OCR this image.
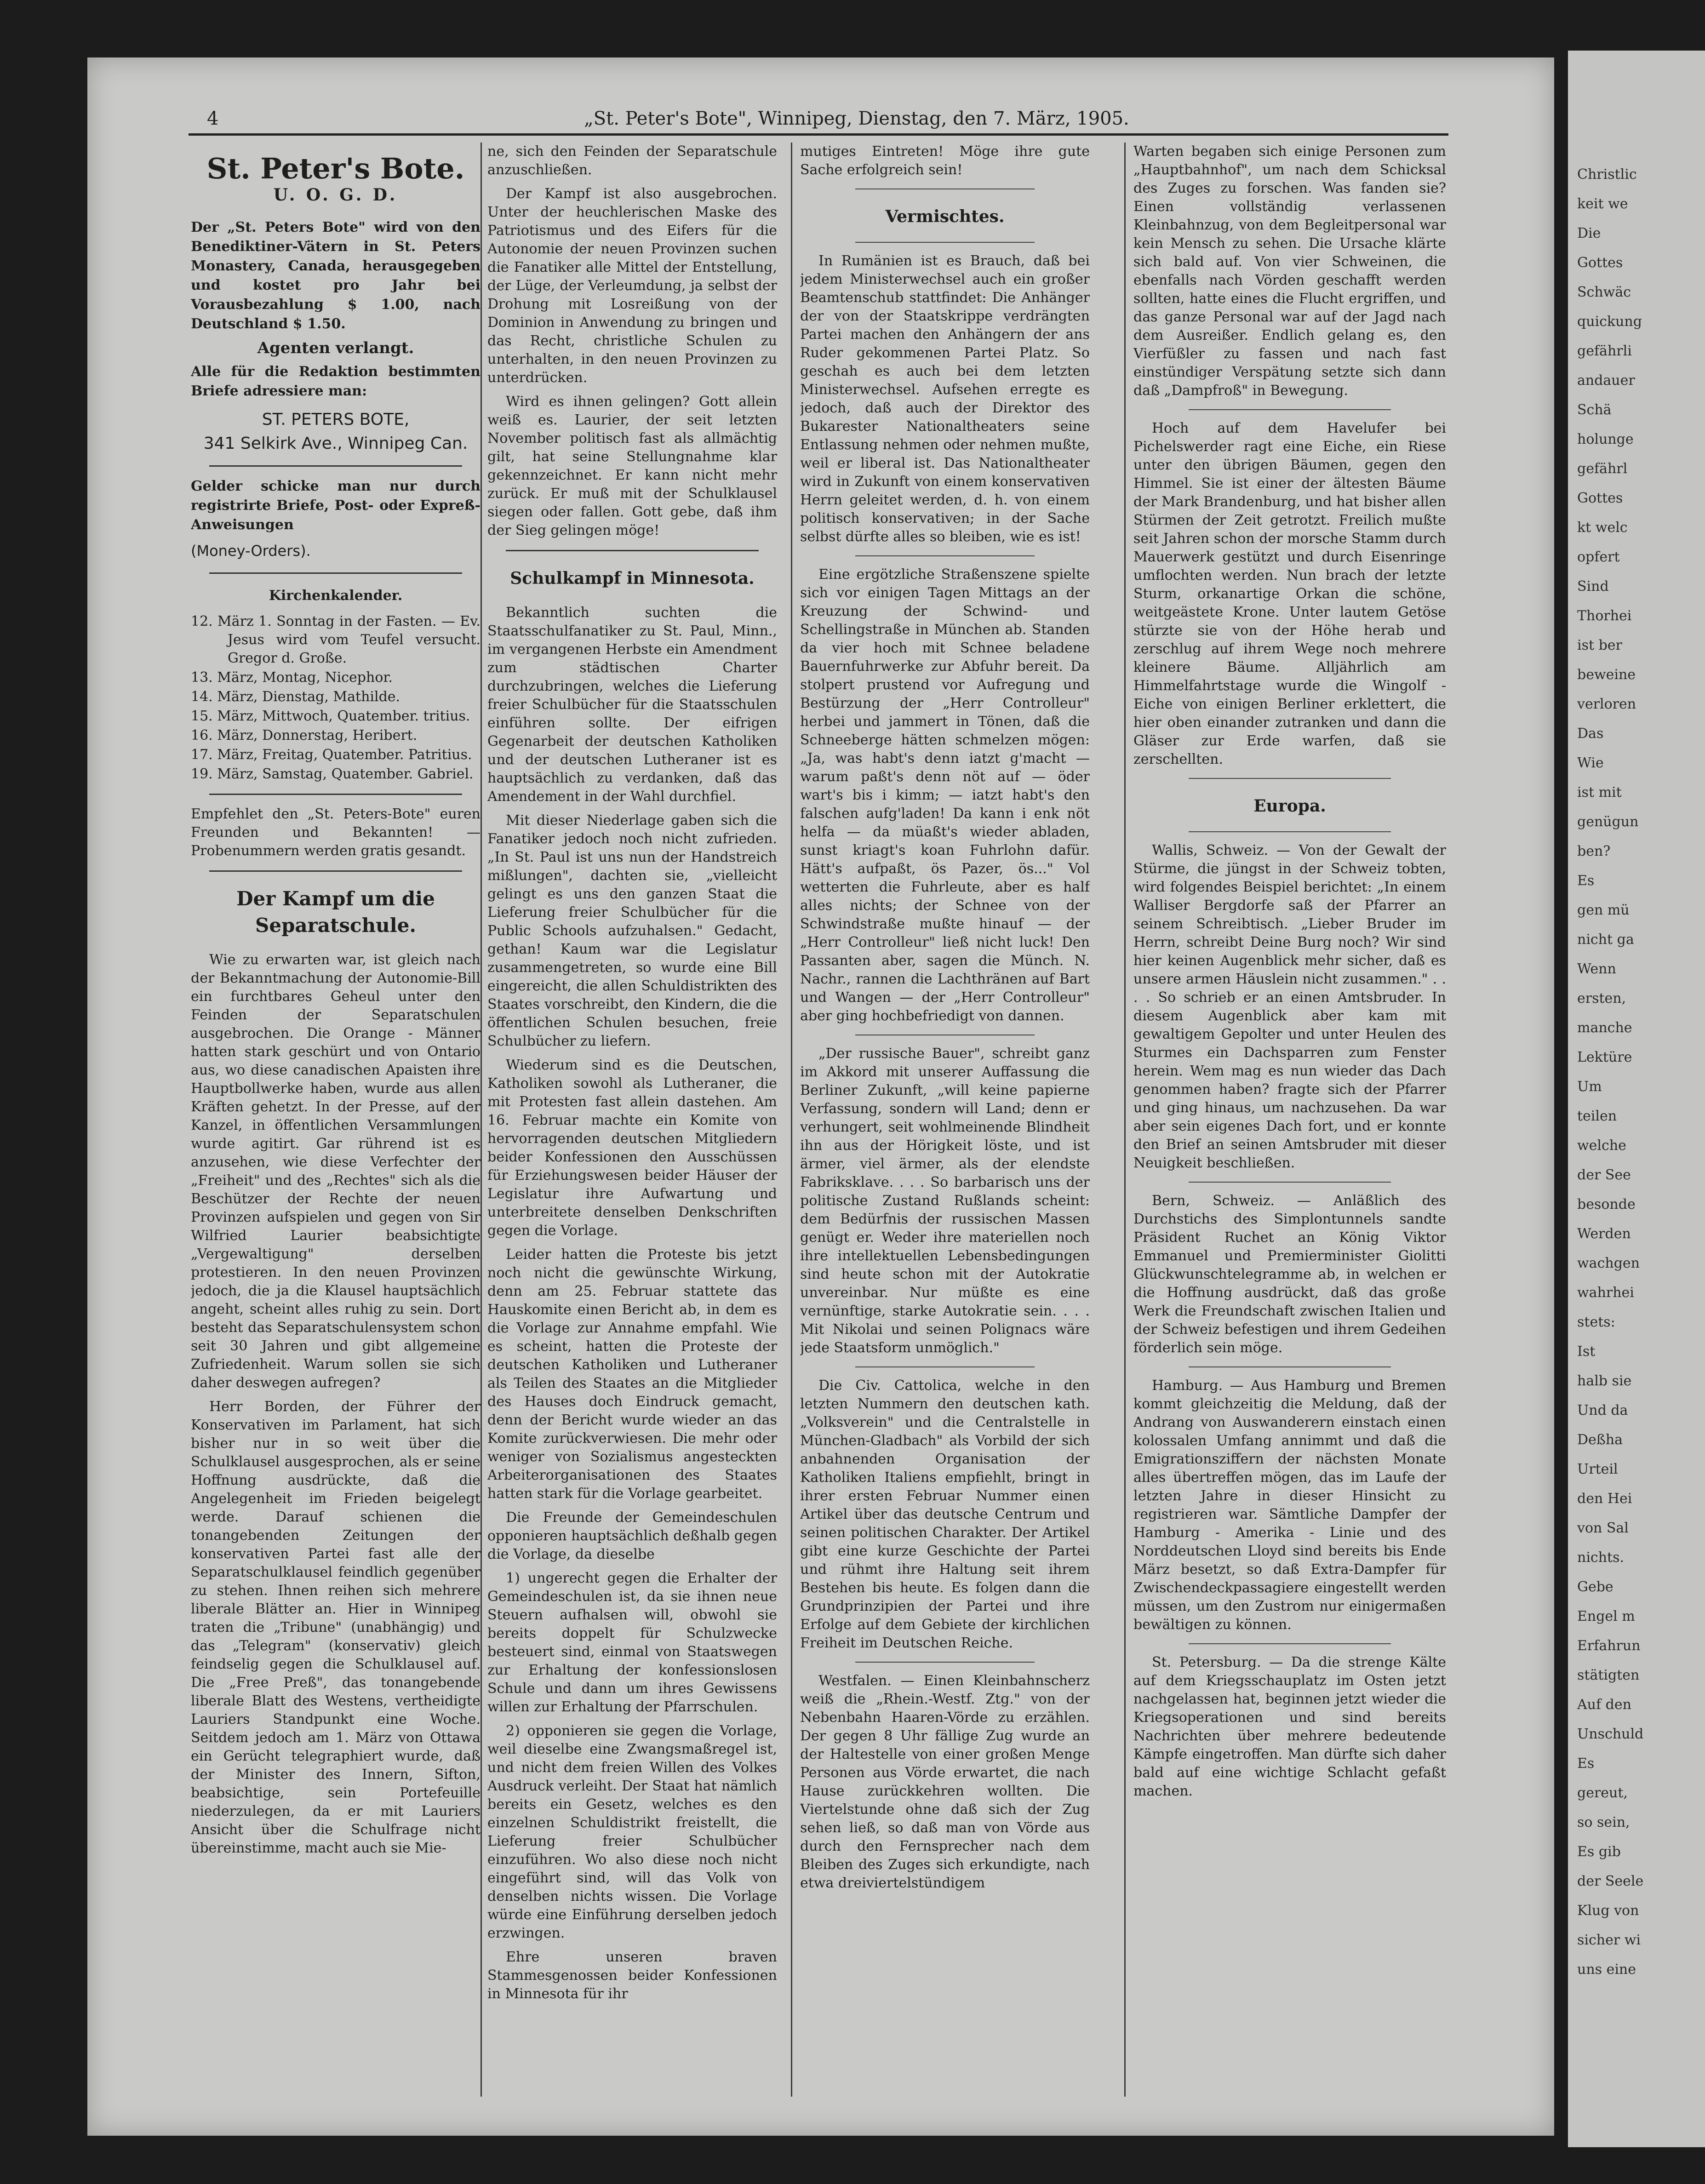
4	„St. Peter's Bote", Winnipeg, Dienstag, den 7. März, 1905.
St. Peter's Bote.
U. O. G. D.
Der „St. Peters Bote" wird von den Benediktiner-Vätern in St. Peters Monastery, Canada, herausgegeben und kostet pro Jahr bei Vorausbezahlung $ 1.00, nach Deutschland $ 1.50.
Agenten verlangt.
Alle für die Redaktion bestimmten Briefe adressiere man:
ST. PETERS BOTE,
341 Selkirk Ave., Winnipeg Can.
Gelder schicke man nur durch registrirte Briefe, Post- oder Expreß-Anweisungen
(Money-Orders).
Kirchenkalender.
12. März 1. Sonntag in der Fasten. — Ev. Jesus wird vom Teufel versucht. Gregor d. Große.
13. März, Montag, Nicephor.
14. März, Dienstag, Mathilde.
15. März, Mittwoch, Quatember. tritius.
16. März, Donnerstag, Heribert.
17. März, Freitag, Quatember. Patritius.
19. März, Samstag, Quatember. Gabriel.

Empfehlet den „St. Peters-Bote" euren Freunden und Bekannten! — Probenummern werden gratis gesandt.

Der Kampf um die Separatschule.

Wie zu erwarten war, ist gleich nach der Bekanntmachung der Autonomie-Bill ein furchtbares Geheul unter den Feinden der Separatschulen ausgebrochen. Die Orange - Männer hatten stark geschürt und von Ontario aus, wo diese canadischen Apaisten ihre Hauptbollwerke haben, wurde aus allen Kräften gehetzt. In der Presse, auf der Kanzel, in öffentlichen Versammlungen wurde agitirt. Gar rührend ist es anzusehen, wie diese Verfechter der „Freiheit" und des „Rechtes" sich als die Beschützer der Rechte der neuen Provinzen aufspielen und gegen von Sir Wilfried Laurier beabsichtigte „Vergewaltigung" derselben protestieren. In den neuen Provinzen jedoch, die ja die Klausel hauptsächlich angeht, scheint alles ruhig zu sein. Dort besteht das Separatschulensystem schon seit 30 Jahren und gibt allgemeine Zufriedenheit. Warum sollen sie sich daher deswegen aufregen?

Herr Borden, der Führer der Konservativen im Parlament, hat sich bisher nur in so weit über die Schulklausel ausgesprochen, als er seine Hoffnung ausdrückte, daß die Angelegenheit im Frieden beigelegt werde. Darauf schienen die tonangebenden Zeitungen der konservativen Partei fast alle der Separatschulklausel feindlich gegenüber zu stehen. Ihnen reihen sich mehrere liberale Blätter an. Hier in Winnipeg traten die „Tribune" (unabhängig) und das „Telegram" (konservativ) gleich feindselig gegen die Schulklausel auf. Die „Free Preß", das tonangebende liberale Blatt des Westens, vertheidigte Lauriers Standpunkt eine Woche. Seitdem jedoch am 1. März von Ottawa ein Gerücht telegraphiert wurde, daß der Minister des Innern, Sifton, beabsichtige, sein Portefeuille niederzulegen, da er mit Lauriers Ansicht über die Schulfrage nicht übereinstimme, macht auch sie Mie-

ne, sich den Feinden der Separatschule anzuschließen.

Der Kampf ist also ausgebrochen. Unter der heuchlerischen Maske des Patriotismus und des Eifers für die Autonomie der neuen Provinzen suchen die Fanatiker alle Mittel der Entstellung, der Lüge, der Verleumdung, ja selbst der Drohung mit Losreißung von der Dominion in Anwendung zu bringen und das Recht, christliche Schulen zu unterhalten, in den neuen Provinzen zu unterdrücken.

Wird es ihnen gelingen? Gott allein weiß es. Laurier, der seit letzten November politisch fast als allmächtig gilt, hat seine Stellungnahme klar gekennzeichnet. Er kann nicht mehr zurück. Er muß mit der Schulklausel siegen oder fallen. Gott gebe, daß ihm der Sieg gelingen möge!

Schulkampf in Minnesota.

Bekanntlich suchten die Staatsschulfanatiker zu St. Paul, Minn., im vergangenen Herbste ein Amendment zum städtischen Charter durchzubringen, welches die Lieferung freier Schulbücher für die Staatsschulen einführen sollte. Der eifrigen Gegenarbeit der deutschen Katholiken und der deutschen Lutheraner ist es hauptsächlich zu verdanken, daß das Amendement in der Wahl durchfiel.

Mit dieser Niederlage gaben sich die Fanatiker jedoch noch nicht zufrieden. „In St. Paul ist uns nun der Handstreich mißlungen", dachten sie, „vielleicht gelingt es uns den ganzen Staat die Lieferung freier Schulbücher für die Public Schools aufzuhalsen." Gedacht, gethan! Kaum war die Legislatur zusammengetreten, so wurde eine Bill eingereicht, die allen Schuldistrikten des Staates vorschreibt, den Kindern, die die öffentlichen Schulen besuchen, freie Schulbücher zu liefern.

Wiederum sind es die Deutschen, Katholiken sowohl als Lutheraner, die mit Protesten fast allein dastehen. Am 16. Februar machte ein Komite von hervorragenden deutschen Mitgliedern beider Konfessionen den Ausschüssen für Erziehungswesen beider Häuser der Legislatur ihre Aufwartung und unterbreitete denselben Denkschriften gegen die Vorlage.

Leider hatten die Proteste bis jetzt noch nicht die gewünschte Wirkung, denn am 25. Februar stattete das Hauskomite einen Bericht ab, in dem es die Vorlage zur Annahme empfahl. Wie es scheint, hatten die Proteste der deutschen Katholiken und Lutheraner als Teilen des Staates an die Mitglieder des Hauses doch Eindruck gemacht, denn der Bericht wurde wieder an das Komite zurückverwiesen. Die mehr oder weniger von Sozialismus angesteckten Arbeiterorganisationen des Staates hatten stark für die Vorlage gearbeitet.

Die Freunde der Gemeindeschulen opponieren hauptsächlich deßhalb gegen die Vorlage, da dieselbe

1) ungerecht gegen die Erhalter der Gemeindeschulen ist, da sie ihnen neue Steuern aufhalsen will, obwohl sie bereits doppelt für Schulzwecke besteuert sind, einmal von Staatswegen zur Erhaltung der konfessionslosen Schule und dann um ihres Gewissens willen zur Erhaltung der Pfarrschulen.

2) opponieren sie gegen die Vorlage, weil dieselbe eine Zwangsmaßregel ist, und nicht dem freien Willen des Volkes Ausdruck verleiht. Der Staat hat nämlich bereits ein Gesetz, welches es den einzelnen Schuldistrikt freistellt, die Lieferung freier Schulbücher einzuführen. Wo also diese noch nicht eingeführt sind, will das Volk von denselben nichts wissen. Die Vorlage würde eine Einführung derselben jedoch erzwingen.

Ehre unseren braven Stammesgenossen beider Konfessionen in Minnesota für ihr

mutiges Eintreten! Möge ihre gute Sache erfolgreich sein!

Vermischtes.

In Rumänien ist es Brauch, daß bei jedem Ministerwechsel auch ein großer Beamtenschub stattfindet: Die Anhänger der von der Staatskrippe verdrängten Partei machen den Anhängern der ans Ruder gekommenen Partei Platz. So geschah es auch bei dem letzten Ministerwechsel. Aufsehen erregte es jedoch, daß auch der Direktor des Bukarester Nationaltheaters seine Entlassung nehmen oder nehmen mußte, weil er liberal ist. Das Nationaltheater wird in Zukunft von einem konservativen Herrn geleitet werden, d. h. von einem politisch konservativen; in der Sache selbst dürfte alles so bleiben, wie es ist!

Eine ergötzliche Straßenszene spielte sich vor einigen Tagen Mittags an der Kreuzung der Schwind- und Schellingstraße in München ab. Standen da vier hoch mit Schnee beladene Bauernfuhrwerke zur Abfuhr bereit. Da stolpert prustend vor Aufregung und Bestürzung der „Herr Controlleur" herbei und jammert in Tönen, daß die Schneeberge hätten schmelzen mögen: „Ja, was habt's denn iatzt g'macht — warum paßt's denn nöt auf — öder wart's bis i kimm; — iatzt habt's den falschen aufg'laden! Da kann i enk nöt helfa — da müaßt's wieder abladen, sunst kriagt's koan Fuhrlohn dafür. Hätt's aufpaßt, ös Pazer, ös..." Vol wetterten die Fuhrleute, aber es half alles nichts; der Schnee von der Schwindstraße mußte hinauf — der „Herr Controlleur" ließ nicht luck! Den Passanten aber, sagen die Münch. N. Nachr., rannen die Lachthränen auf Bart und Wangen — der „Herr Controlleur" aber ging hochbefriedigt von dannen.

„Der russische Bauer", schreibt ganz im Akkord mit unserer Auffassung die Berliner Zukunft, „will keine papierne Verfassung, sondern will Land; denn er verhungert, seit wohlmeinende Blindheit ihn aus der Hörigkeit löste, und ist ärmer, viel ärmer, als der elendste Fabriksklave. . . . So barbarisch uns der politische Zustand Rußlands scheint: dem Bedürfnis der russischen Massen genügt er. Weder ihre materiellen noch ihre intellektuellen Lebensbedingungen sind heute schon mit der Autokratie unvereinbar. Nur müßte es eine vernünftige, starke Autokratie sein. . . . Mit Nikolai und seinen Polignacs wäre jede Staatsform unmöglich."

Die Civ. Cattolica, welche in den letzten Nummern den deutschen kath. „Volksverein" und die Centralstelle in München-Gladbach" als Vorbild der sich anbahnenden Organisation der Katholiken Italiens empfiehlt, bringt in ihrer ersten Februar Nummer einen Artikel über das deutsche Centrum und seinen politischen Charakter. Der Artikel gibt eine kurze Geschichte der Partei und rühmt ihre Haltung seit ihrem Bestehen bis heute. Es folgen dann die Grundprinzipien der Partei und ihre Erfolge auf dem Gebiete der kirchlichen Freiheit im Deutschen Reiche.

Westfalen. — Einen Kleinbahnscherz weiß die „Rhein.-Westf. Ztg." von der Nebenbahn Haaren-Vörde zu erzählen. Der gegen 8 Uhr fällige Zug wurde an der Haltestelle von einer großen Menge Personen aus Vörde erwartet, die nach Hause zurückkehren wollten. Die Viertelstunde ohne daß sich der Zug sehen ließ, so daß man von Vörde aus durch den Fernsprecher nach dem Bleiben des Zuges sich erkundigte, nach etwa dreiviertelstündigem

Warten begaben sich einige Personen zum „Hauptbahnhof", um nach dem Schicksal des Zuges zu forschen. Was fanden sie? Einen vollständig verlassenen Kleinbahnzug, von dem Begleitpersonal war kein Mensch zu sehen. Die Ursache klärte sich bald auf. Von vier Schweinen, die ebenfalls nach Vörden geschafft werden sollten, hatte eines die Flucht ergriffen, und das ganze Personal war auf der Jagd nach dem Ausreißer. Endlich gelang es, den Vierfüßler zu fassen und nach fast einstündiger Verspätung setzte sich dann daß „Dampfroß" in Bewegung.

Hoch auf dem Havelufer bei Pichelswerder ragt eine Eiche, ein Riese unter den übrigen Bäumen, gegen den Himmel. Sie ist einer der ältesten Bäume der Mark Brandenburg, und hat bisher allen Stürmen der Zeit getrotzt. Freilich mußte seit Jahren schon der morsche Stamm durch Mauerwerk gestützt und durch Eisenringe umflochten werden. Nun brach der letzte Sturm, orkanartige Orkan die schöne, weitgeästete Krone. Unter lautem Getöse stürzte sie von der Höhe herab und zerschlug auf ihrem Wege noch mehrere kleinere Bäume. Alljährlich am Himmelfahrtstage wurde die Wingolf - Eiche von einigen Berliner erklettert, die hier oben einander zutranken und dann die Gläser zur Erde warfen, daß sie zerschellten.

Europa.

Wallis, Schweiz. — Von der Gewalt der Stürme, die jüngst in der Schweiz tobten, wird folgendes Beispiel berichtet: „In einem Walliser Bergdorfe saß der Pfarrer an seinem Schreibtisch. „Lieber Bruder im Herrn, schreibt Deine Burg noch? Wir sind hier keinen Augenblick mehr sicher, daß es unsere armen Häuslein nicht zusammen." . . . . So schrieb er an einen Amtsbruder. In diesem Augenblick aber kam mit gewaltigem Gepolter und unter Heulen des Sturmes ein Dachsparren zum Fenster herein. Wem mag es nun wieder das Dach genommen haben? fragte sich der Pfarrer und ging hinaus, um nachzusehen. Da war aber sein eigenes Dach fort, und er konnte den Brief an seinen Amtsbruder mit dieser Neuigkeit beschließen.

Bern, Schweiz. — Anläßlich des Durchstichs des Simplontunnels sandte Präsident Ruchet an König Viktor Emmanuel und Premierminister Giolitti Glückwunschtelegramme ab, in welchen er die Hoffnung ausdrückt, daß das große Werk die Freundschaft zwischen Italien und der Schweiz befestigen und ihrem Gedeihen förderlich sein möge.

Hamburg. — Aus Hamburg und Bremen kommt gleichzeitig die Meldung, daß der Andrang von Auswanderern einstach einen kolossalen Umfang annimmt und daß die Emigrationsziffern der nächsten Monate alles übertreffen mögen, das im Laufe der letzten Jahre in dieser Hinsicht zu registrieren war. Sämtliche Dampfer der Hamburg - Amerika - Linie und des Norddeutschen Lloyd sind bereits bis Ende März besetzt, so daß Extra-Dampfer für Zwischendeckpassagiere eingestellt werden müssen, um den Zustrom nur einigermaßen bewältigen zu können.

St. Petersburg. — Da die strenge Kälte auf dem Kriegsschauplatz im Osten jetzt nachgelassen hat, beginnen jetzt wieder die Kriegsoperationen und sind bereits Nachrichten über mehrere bedeutende Kämpfe eingetroffen. Man dürfte sich daher bald auf eine wichtige Schlacht gefaßt machen.

Christlic
keit we
Die
Gottes
Schwäc
quickung
gefährli
andauer
Schä
holunge
gefährl
Gottes
kt welc
opfert
Sind
Thorhei
ist ber
beweine
verloren
Das
Wie
ist mit
genügun
ben?
Es
gen mü
nicht ga
Wenn
ersten,
manche
Lektüre
Um
teilen
welche
der See
besonde
Werden
wachgen
wahrhei
stets:
Ist
halb sie
Und da
Deßha
Urteil
den Hei
von Sal
nichts.
Gebe
Engel m
Erfahrun
stätigten
Auf den
Unschuld
Es
gereut,
so sein,
Es gib
der Seele
Klug von
sicher wi
uns eine
